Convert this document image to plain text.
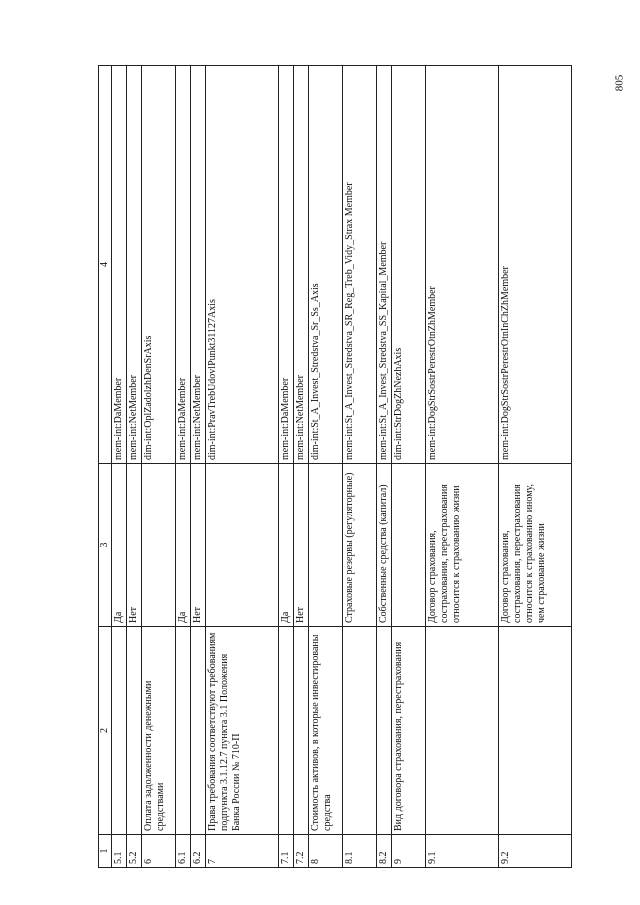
805
1	2	3	4
5.1		Да	mem-int:DaMember
5.2		Нет	mem-int:NetMember
6	Оплата задолженности денежными средствами		dim-int:OplZadolzhDenSrAxis
6.1		Да	mem-int:DaMember
6.2		Нет	mem-int:NetMember
7	Права требования соответствуют требованиям подпункта 3.1.12.7 пункта 3.1 Положения Банка России № 710-П		dim-int:PravTrebUdovlPunkt31127Axis
7.1		Да	mem-int:DaMember
7.2		Нет	mem-int:NetMember
8	Стоимость активов, в которые инвестированы средства		dim-int:St_A_Invest_Stredstva_Sr_Ss_Axis
8.1		Страховые резервы (регуляторные)	mem-int:St_A_Invest_Stredstva_SR_Reg_Treb_Vidy_Strax Member
8.2		Собственные средства (капитал)	mem-int:St_A_Invest_Stredstva_SS_Kapital_Member
9	Вид договора страхования, перестрахования		dim-int:StrDogZhNezhAxis
9.1		Договор страхования, сострахования, перестрахования относится к страхованию жизни	mem-int:DogStrSostrPerestrOtnZhMember
9.2		Договор страхования, сострахования, перестрахования относится к страхованию иному, чем страхование жизни	mem-int:DogStrSostrPerestrOtnInChZhMember
